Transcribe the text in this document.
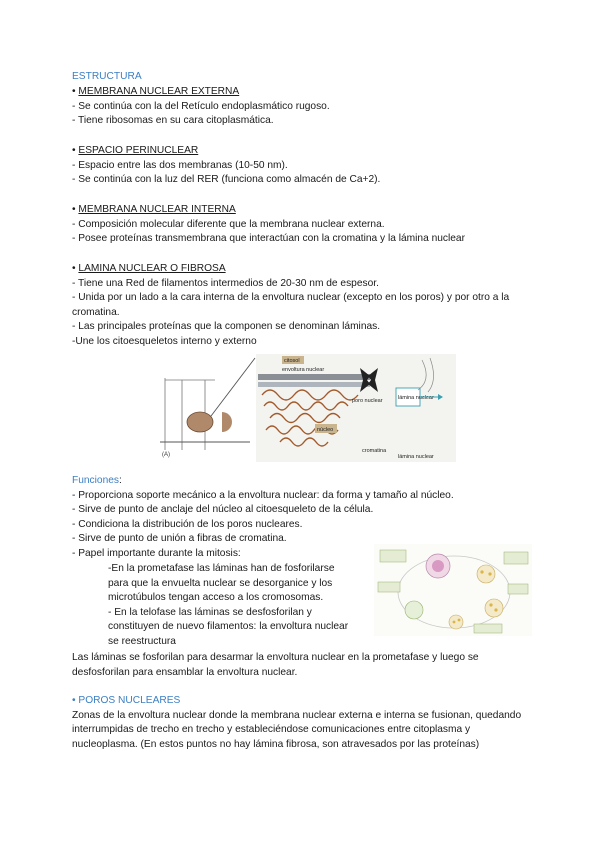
ESTRUCTURA
• MEMBRANA NUCLEAR EXTERNA
- Se continúa con la del Retículo endoplasmático rugoso.
- Tiene ribosomas en su cara citoplasmática.
• ESPACIO PERINUCLEAR
- Espacio entre las dos membranas (10-50 nm).
- Se continúa con la luz del RER (funciona como almacén de Ca+2).
• MEMBRANA NUCLEAR INTERNA
- Composición molecular diferente que la membrana nuclear externa.
- Posee proteínas transmembrana que interactúan con la cromatina y la lámina nuclear
• LAMINA NUCLEAR O FIBROSA
- Tiene una Red de filamentos intermedios de 20-30 nm de espesor.
- Unida por un lado a la cara interna de la envoltura nuclear (excepto en los poros) y por otro a la cromatina.
- Las principales proteínas que la componen se denominan láminas.
-Une los citoesqueletos interno y externo
(A)
citosol
envoltura nuclear
núcleo
poro nuclear	lámina nuclear
cromatina
lámina nuclear
Funciones:
- Proporciona soporte mecánico a la envoltura nuclear: da forma y tamaño al núcleo.
- Sirve de punto de anclaje del núcleo al citoesqueleto de la célula.
- Condiciona la distribución de los poros nucleares.
- Sirve de punto de unión a fibras de cromatina.
- Papel importante durante la mitosis:
-En la prometafase las láminas han de fosforilarse
para que la envuelta nuclear se desorganice y los
microtúbulos tengan acceso a los cromosomas.
- En la telofase las láminas se desfosforilan y
constituyen de nuevo filamentos: la envoltura nuclear
se reestructura
Las láminas se fosforilan para desarmar la envoltura nuclear en la prometafase y luego se desfosforilan para ensamblar la envoltura nuclear.
• POROS NUCLEARES
Zonas de la envoltura nuclear donde la membrana nuclear externa e interna se fusionan, quedando interrumpidas de trecho en trecho y estableciéndose comunicaciones entre citoplasma y nucleoplasma. (En estos puntos no hay lámina fibrosa, son atravesados por las proteínas)
